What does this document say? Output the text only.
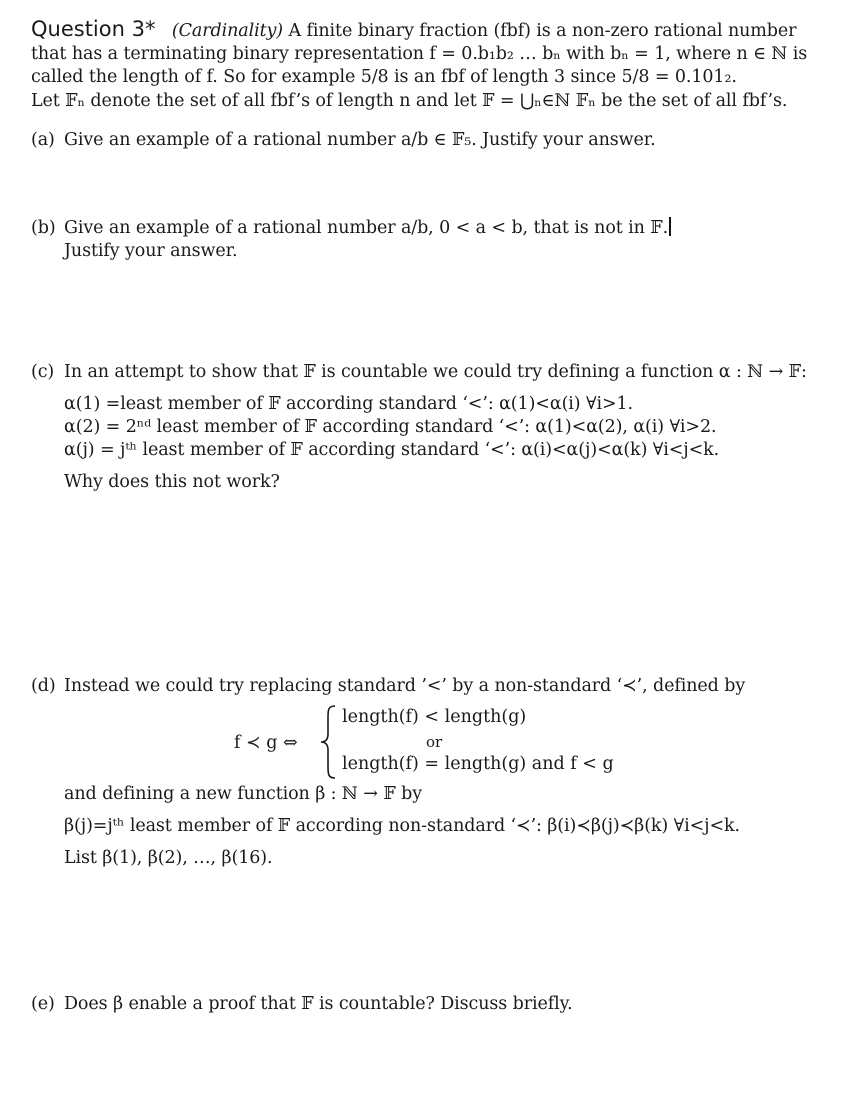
Question 3* (Cardinality) A finite binary fraction (fbf) is a non-zero rational number
that has a terminating binary representation f = 0.b₁b₂ … bₙ with bₙ = 1, where n ∈ ℕ is
called the length of f. So for example 5/8 is an fbf of length 3 since 5/8 = 0.101₂.
Let 𝔽ₙ denote the set of all fbf’s of length n and let 𝔽 = ⋃ₙ∈ℕ 𝔽ₙ be the set of all fbf’s.
(a) Give an example of a rational number a/b ∈ 𝔽₅. Justify your answer.
(b) Give an example of a rational number a/b, 0 < a < b, that is not in 𝔽.
Justify your answer.
(c) In an attempt to show that 𝔽 is countable we could try defining a function α : ℕ → 𝔽:
α(1) =least member of 𝔽 according standard ‘<’: α(1)<α(i) ∀i>1.
α(2) = 2ⁿᵈ least member of 𝔽 according standard ‘<’: α(1)<α(2), α(i) ∀i>2.
α(j) = jᵗʰ least member of 𝔽 according standard ‘<’: α(i)<α(j)<α(k) ∀i<j<k.
Why does this not work?
(d) Instead we could try replacing standard ’<’ by a non-standard ‘≺’, defined by
f ≺ g ⇔
length(f) < length(g)
or
length(f) = length(g) and f < g
and defining a new function β : ℕ → 𝔽 by
β(j)=jᵗʰ least member of 𝔽 according non-standard ‘≺’: β(i)≺β(j)≺β(k) ∀i<j<k.
List β(1), β(2), …, β(16).
(e) Does β enable a proof that 𝔽 is countable? Discuss briefly.
